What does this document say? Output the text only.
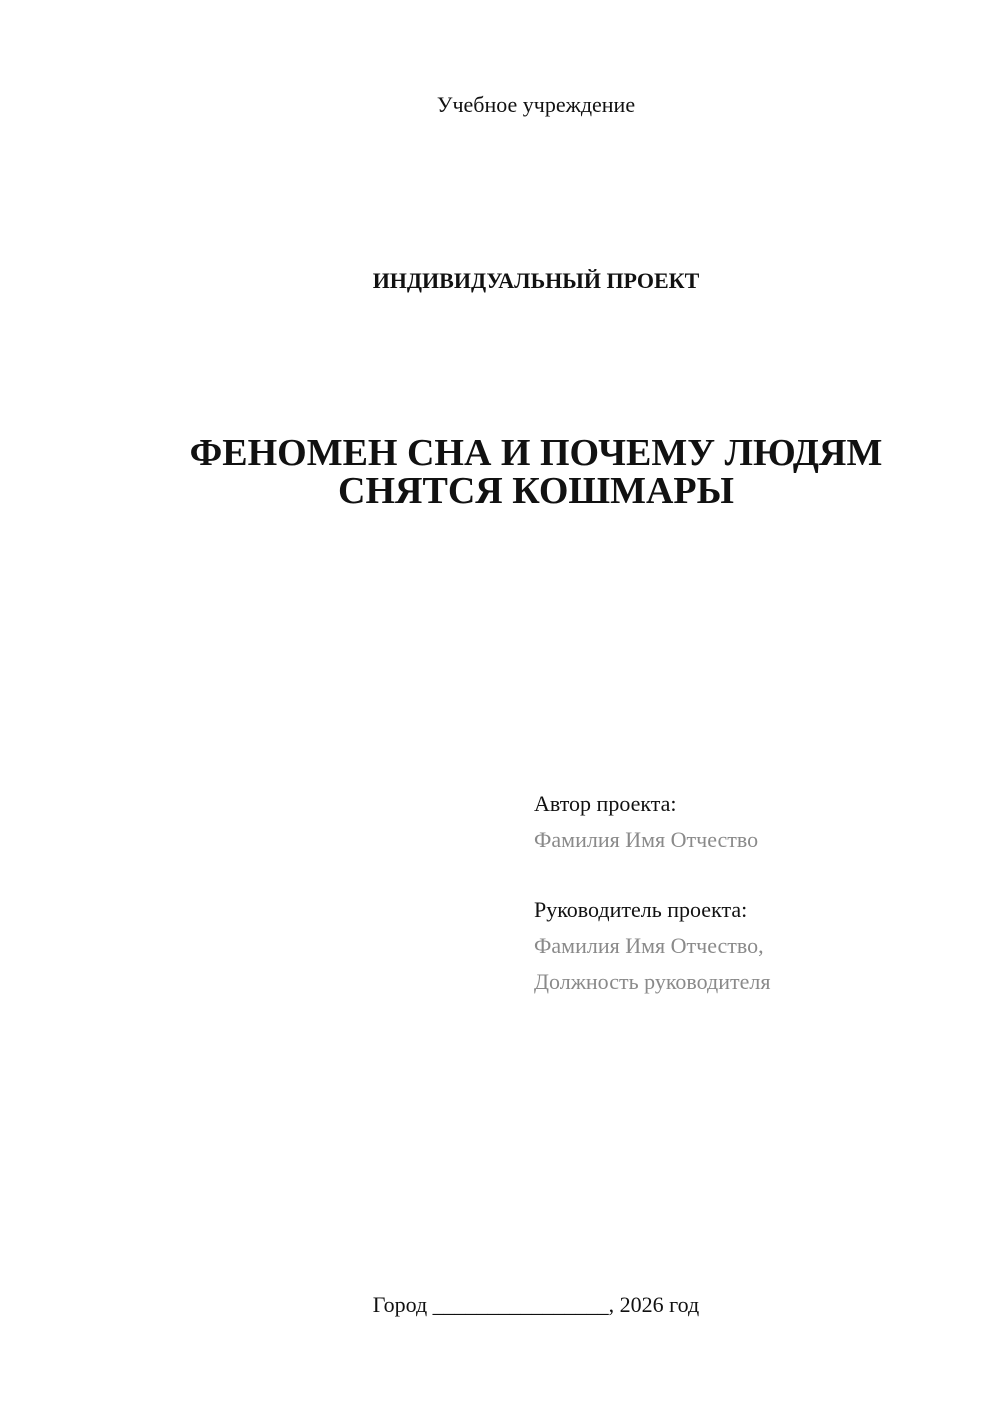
Учебное учреждение
ИНДИВИДУАЛЬНЫЙ ПРОЕКТ
ФЕНОМЕН СНА И ПОЧЕМУ ЛЮДЯМ
СНЯТСЯ КОШМАРЫ
Автор проекта:
Фамилия Имя Отчество
Руководитель проекта:
Фамилия Имя Отчество,
Должность руководителя
Город ________________, 2026 год
